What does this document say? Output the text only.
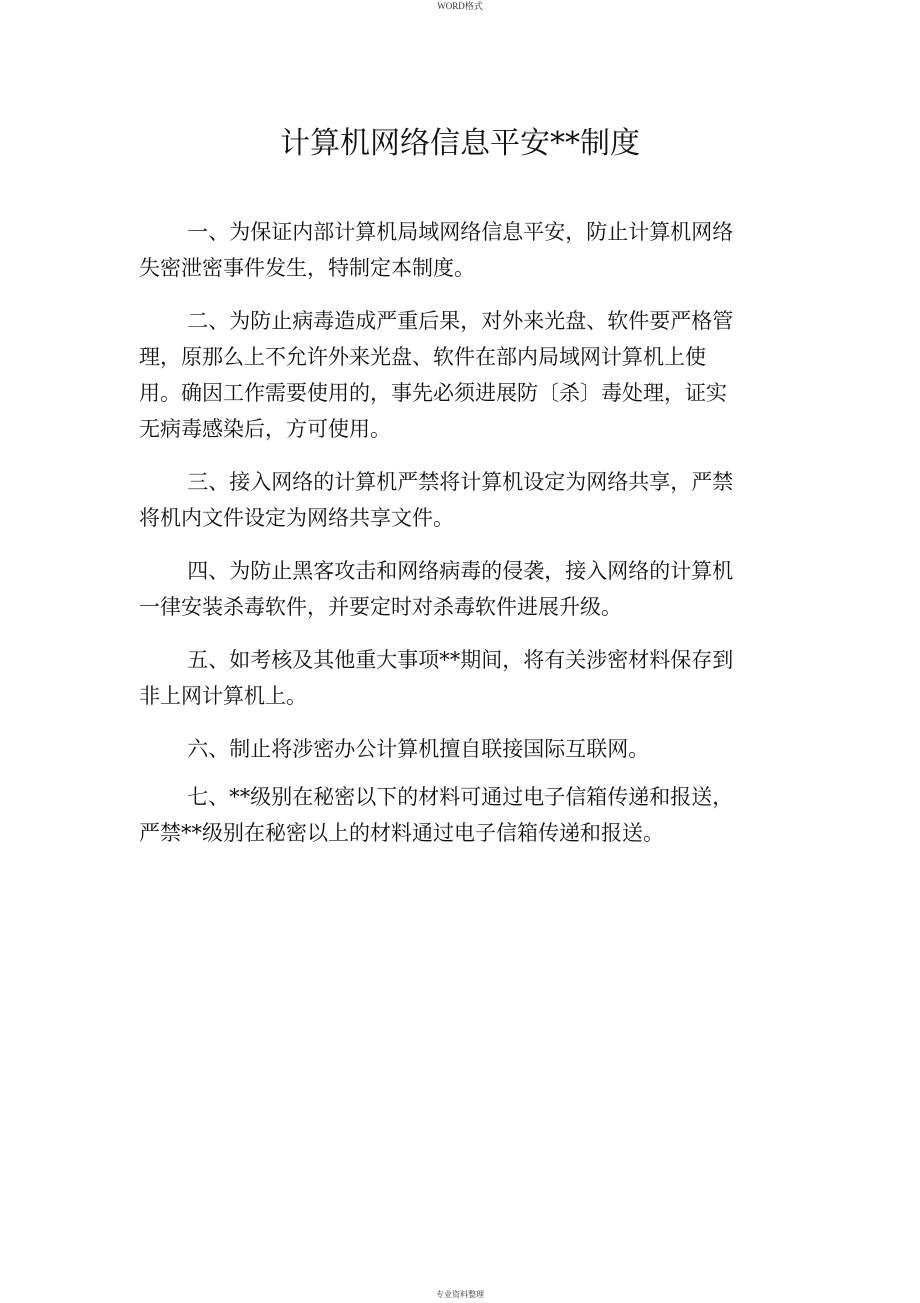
WORD格式
计算机网络信息平安**制度

一、为保证内部计算机局域网络信息平安，防止计算机网络失密泄密事件发生，特制定本制度。

二、为防止病毒造成严重后果，对外来光盘、软件要严格管理，原那么上不允许外来光盘、软件在部内局域网计算机上使用。确因工作需要使用的，事先必须进展防〔杀〕毒处理，证实无病毒感染后，方可使用。

三、接入网络的计算机严禁将计算机设定为网络共享，严禁将机内文件设定为网络共享文件。

四、为防止黑客攻击和网络病毒的侵袭，接入网络的计算机一律安装杀毒软件，并要定时对杀毒软件进展升级。

五、如考核及其他重大事项**期间，将有关涉密材料保存到非上网计算机上。

六、制止将涉密办公计算机擅自联接国际互联网。

七、**级别在秘密以下的材料可通过电子信箱传递和报送，严禁**级别在秘密以上的材料通过电子信箱传递和报送。

专业资料整理
